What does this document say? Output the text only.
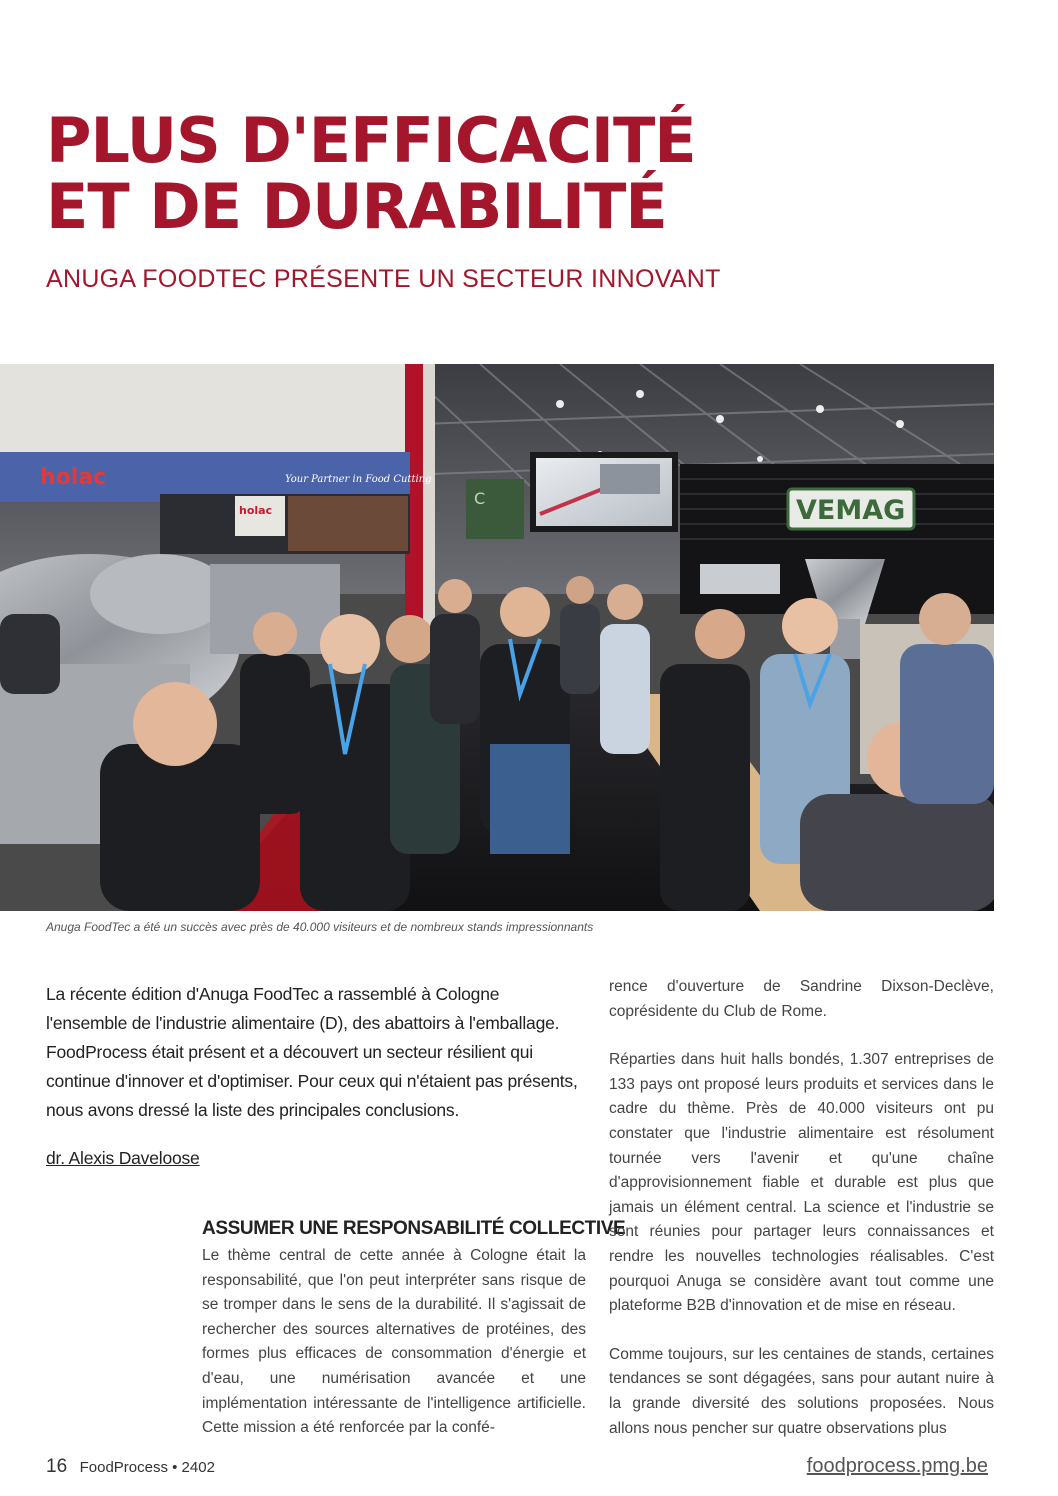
PLUS D'EFFICACITÉ
ET DE DURABILITÉ
ANUGA FOODTEC PRÉSENTE UN SECTEUR INNOVANT
holac	Your Partner in Food Cutting
holac
C	VEMAG
Anuga FoodTec a été un succès avec près de 40.000 visiteurs et de nombreux stands impressionnants

La récente édition d'Anuga FoodTec a rassemblé à Cologne l'ensemble de l'industrie alimentaire (D), des abattoirs à l'emballage. FoodProcess était présent et a découvert un secteur résilient qui continue d'innover et d'optimiser. Pour ceux qui n'étaient pas présents, nous avons dressé la liste des principales conclusions.

dr. Alexis Daveloose
ASSUMER UNE RESPONSABILITÉ COLLECTIVE

Le thème central de cette année à Cologne était la responsabilité, que l'on peut interpréter sans risque de se tromper dans le sens de la durabilité. Il s'agissait de rechercher des sources alternatives de protéines, des formes plus efficaces de consommation d'énergie et d'eau, une numérisation avancée et une implémentation intéressante de l'intelligence artificielle. Cette mission a été renforcée par la confé-

rence d'ouverture de Sandrine Dixson-Declève, coprésidente du Club de Rome.

Réparties dans huit halls bondés, 1.307 entreprises de 133 pays ont proposé leurs produits et services dans le cadre du thème. Près de 40.000 visiteurs ont pu constater que l'industrie alimentaire est résolument tournée vers l'avenir et qu'une chaîne d'approvisionnement fiable et durable est plus que jamais un élément central. La science et l'industrie se sont réunies pour partager leurs connaissances et rendre les nouvelles technologies réalisables. C'est pourquoi Anuga se considère avant tout comme une plateforme B2B d'innovation et de mise en réseau.

Comme toujours, sur les centaines de stands, certaines tendances se sont dégagées, sans pour autant nuire à la grande diversité des solutions proposées. Nous allons nous pencher sur quatre observations plus

16 FoodProcess • 2402	foodprocess.pmg.be
